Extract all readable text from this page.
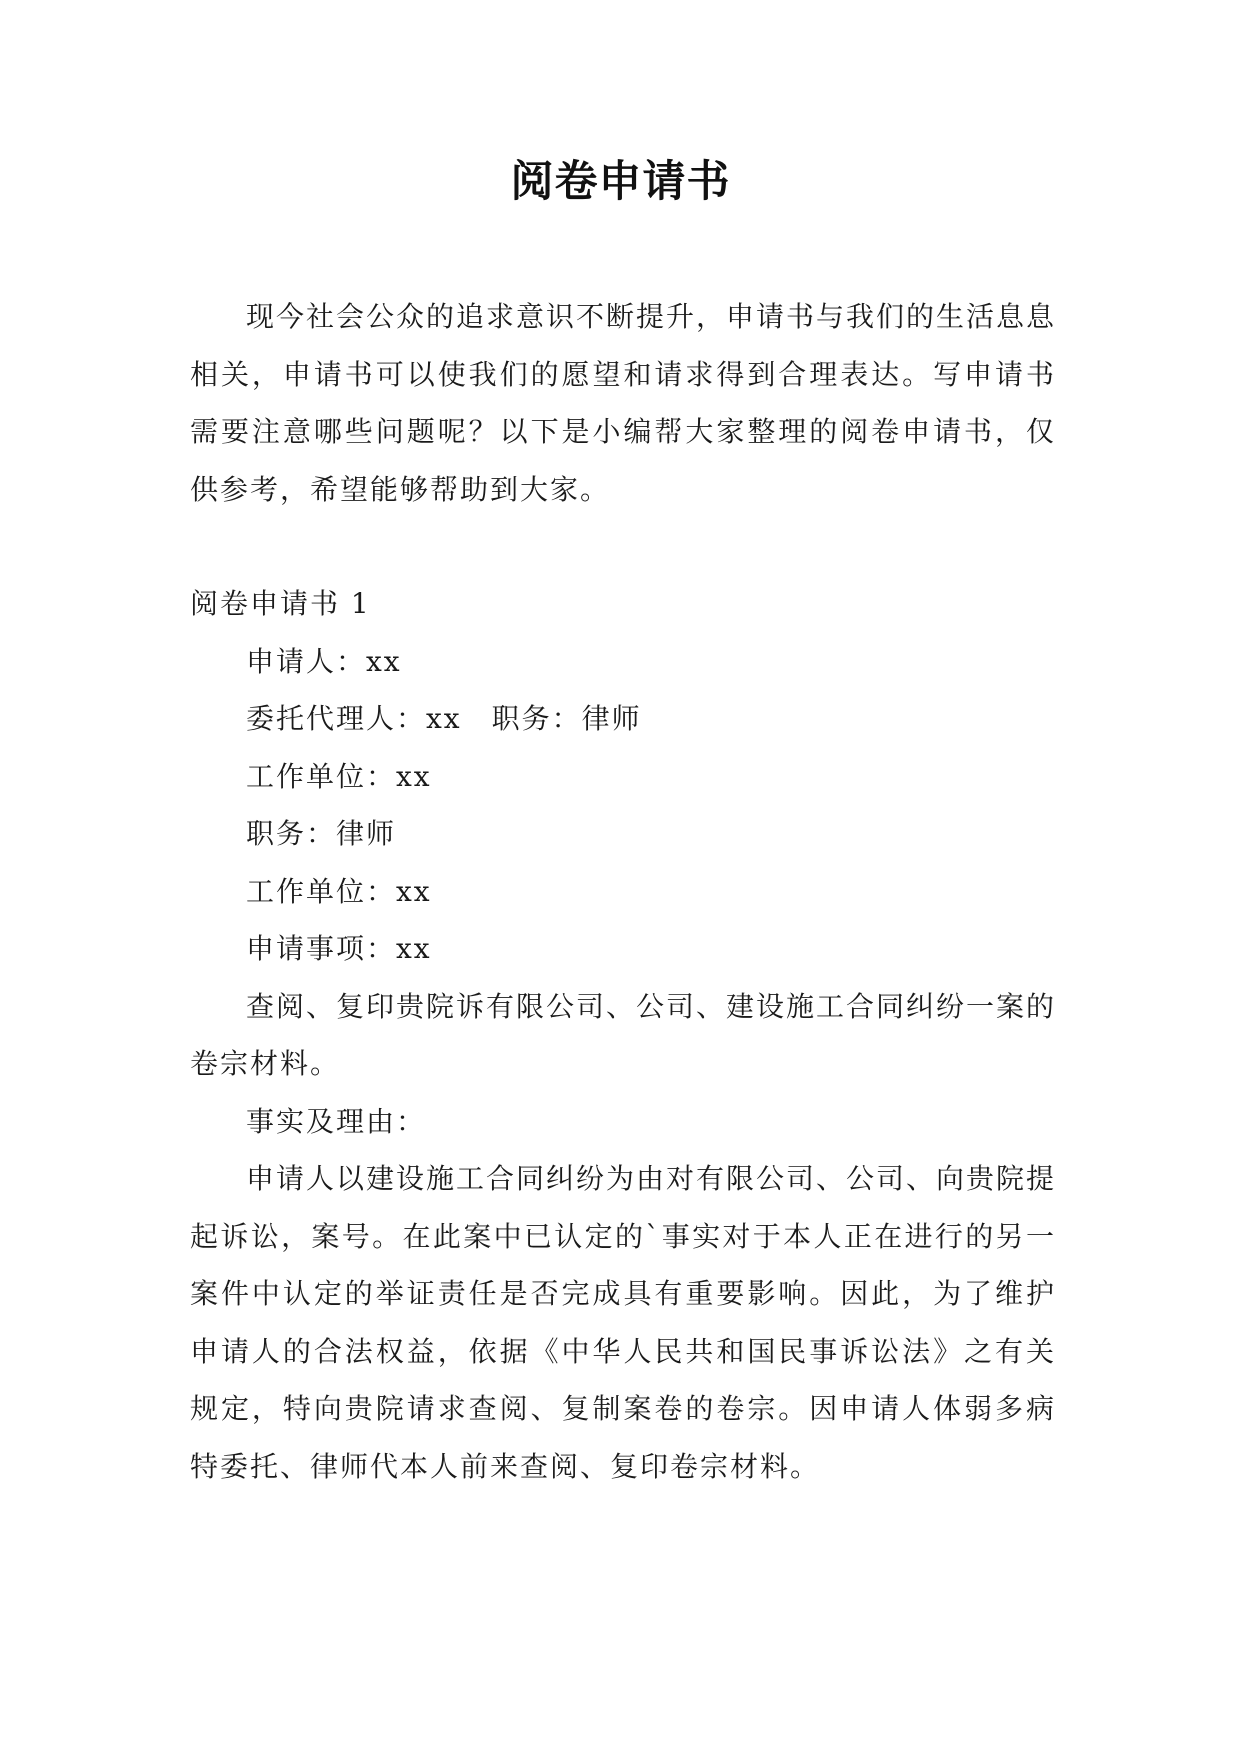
阅卷申请书

现今社会公众的追求意识不断提升，申请书与我们的生活息息相关，申请书可以使我们的愿望和请求得到合理表达。写申请书需要注意哪些问题呢？以下是小编帮大家整理的阅卷申请书，仅供参考，希望能够帮助到大家。

阅卷申请书 1

申请人：xx

委托代理人：xx　职务：律师

工作单位：xx

职务：律师

工作单位：xx

申请事项：xx

查阅、复印贵院诉有限公司、公司、建设施工合同纠纷一案的卷宗材料。

事实及理由：

申请人以建设施工合同纠纷为由对有限公司、公司、向贵院提起诉讼，案号。在此案中已认定的`事实对于本人正在进行的另一案件中认定的举证责任是否完成具有重要影响。因此，为了维护申请人的合法权益，依据《中华人民共和国民事诉讼法》之有关规定，特向贵院请求查阅、复制案卷的卷宗。因申请人体弱多病特委托、律师代本人前来查阅、复印卷宗材料。
